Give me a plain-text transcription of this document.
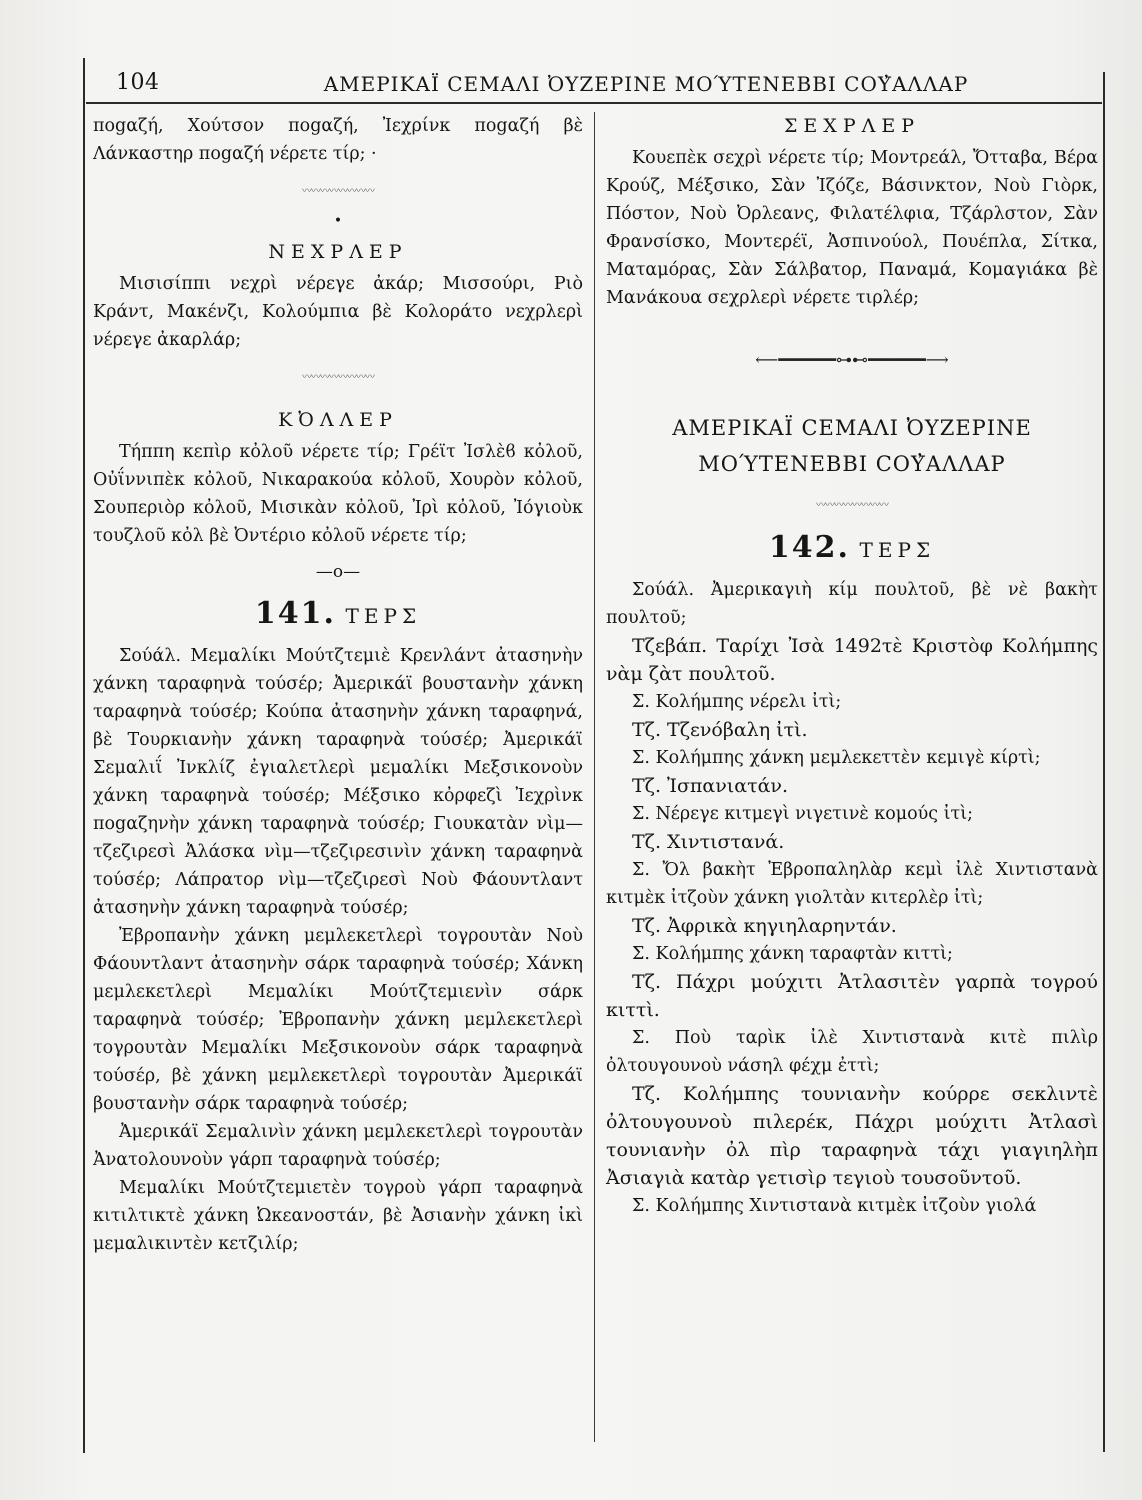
104	ΑΜΕΡΙΚΑΪ ϹΕΜΑΛΙ ὈΥΖΕΡΙΝΕ ΜΟΎΤΕΝΕΒΒΙ ϹΟΥ̓ΑΛΛΑΡ

ποgαζή, Χούτσον ποgαζή, Ἰεχρίνκ ποgαζή βὲ Λάνκαστηρ ποgαζή νέρετε τίρ; ·

〰〰〰〰〰〰〰〰
•
ΝΕΧΡΛΕΡ

Μισισίππι νεχρὶ νέρεγε ἀκάρ; Μισσούρι, Ριὸ Κράντ, Μακένζι, Κολούμπια βὲ Κολοράτο νεχρλερὶ νέρεγε ἀκαρλάρ;

〰〰〰〰〰〰〰〰
ΚὈΛΛΕΡ

Τήππη κεπὶρ κὀλοῦ νέρετε τίρ; Γρέϊτ Ἰσλὲϐ κὀλοῦ, Οὐΐννιπὲκ κὀλοῦ, Νικαρακούα κὀλοῦ, Χουρὸν κὀλοῦ, Σουπεριὸρ κὀλοῦ, Μισικὰν κὀλοῦ, Ἰρὶ κὀλοῦ, Ἰόγιοὺκ τουζλοῦ κὀλ βὲ Ὀντέριο κὀλοῦ νέρετε τίρ;

—ο—
141. ΤΕΡΣ

Σούάλ. Μεμαλίκι Μούτζτεμιὲ Κρενλάντ ἀτασηνὴν χάνκη ταραφηνὰ τούσέρ; Ἀμερικάϊ βουστανὴν χάνκη ταραφηνὰ τούσέρ; Κούπα ἀτασηνὴν χάνκη ταραφηνά, βὲ Τουρκιανὴν χάνκη ταραφηνὰ τούσέρ; Ἀμερικάϊ Σεμαλιΐ Ἰνκλίζ ἐγιαλετλερὶ μεμαλίκι Μεξσικονοὺν χάνκη ταραφηνὰ τούσέρ; Μέξσικο κὀρφεζὶ Ἰεχρὶνκ ποgαζηνὴν χάνκη ταραφηνὰ τούσέρ; Γιουκατὰν νὶμ—τζεζιρεσὶ Ἀλάσκα νὶμ—τζεζιρεσινὶν χάνκη ταραφηνὰ τούσέρ; Λάπρατορ νὶμ—τζεζιρεσὶ Νοὺ Φάουντλαντ ἀτασηνὴν χάνκη ταραφηνὰ τούσέρ;

Ἐβροπανὴν χάνκη μεμλεκετλερὶ τογρουτὰν Νοὺ Φάουντλαντ ἀτασηνὴν σάρκ ταραφηνὰ τούσέρ; Χάνκη μεμλεκετλερὶ Μεμαλίκι Μούτζτεμιενὶν σάρκ ταραφηνὰ τούσέρ; Ἐβροπανὴν χάνκη μεμλεκετλερὶ τογρουτὰν Μεμαλίκι Μεξσικονοὺν σάρκ ταραφηνὰ τούσέρ, βὲ χάνκη μεμλεκετλερὶ τογρουτὰν Ἀμερικάϊ βουστανὴν σάρκ ταραφηνὰ τούσέρ;

Ἀμερικάϊ Σεμαλινὶν χάνκη μεμλεκετλερὶ τογρουτὰν Ἀνατολουνοὺν γάρπ ταραφηνὰ τούσέρ;

Μεμαλίκι Μούτζτεμιετὲν τογροὺ γάρπ ταραφηνὰ κιτιλτικτὲ χάνκη Ὠκεανοστάν, βὲ Ἀσιανὴν χάνκη ἰκὶ μεμαλικιντὲν κετζιλίρ;

ΣΕΧΡΛΕΡ

Κουεπὲκ σεχρὶ νέρετε τίρ; Μοντρεάλ, Ὄτταβα, Βέρα Κρούζ, Μέξσικο, Σὰν Ἰζόζε, Βάσινκτον, Νοὺ Γιὸρκ, Πόστον, Νοὺ Ὀρλεανς, Φιλατέλφια, Τζάρλστον, Σὰν Φρανσίσκο, Μοντερέϊ, Ἀσπινούολ, Πουέπλα, Σίτκα, Ματαμόρας, Σὰν Σάλβατορ, Παναμά, Κομαγιάκα βὲ Μανάκουα σεχρλερὶ νέρετε τιρλέρ;

⟵━━━━━━⊶⊷━━━━━━⟶
ΑΜΕΡΙΚΑΪ ϹΕΜΑΛΙ ὈΥΖΕΡΙΝΕ
ΜΟΎΤΕΝΕΒΒΙ ϹΟΥ̓ΑΛΛΑΡ
〰〰〰〰〰〰〰〰
142. ΤΕΡΣ

Σούάλ. Ἀμερικαγιὴ κίμ πουλτοῦ, βὲ νὲ βακὴτ πουλτοῦ;

Τζεβάπ. Ταρίχι Ἰσὰ 1492τὲ Κριστὸφ Κολήμπης νὰμ ζὰτ πουλτοῦ.

Σ. Κολήμπης νέρελι ἰτὶ;

Τζ. Τζενόβαλη ἰτὶ.

Σ. Κολήμπης χάνκη μεμλεκεττὲν κεμιγὲ κίρτὶ;

Τζ. Ἰσπανιατάν.

Σ. Νέρεγε κιτμεγὶ νιγετινὲ κομούς ἰτὶ;

Τζ. Χιντιστανά.

Σ. Ὄλ βακὴτ Ἐβροπαληλὰρ κεμὶ ἰλὲ Χιντιστανὰ κιτμὲκ ἰτζοὺν χάνκη γιολτὰν κιτερλὲρ ἰτὶ;

Τζ. Ἀφρικὰ κηγιηλαρηντάν.

Σ. Κολήμπης χάνκη ταραφτὰν κιττὶ;

Τζ. Πάχρι μούχιτι Ἀτλασιτὲν γαρπὰ τογρού κιττὶ.

Σ. Ποὺ ταρὶκ ἰλὲ Χιντιστανὰ κιτὲ πιλὶρ ὀλτουγουνοὺ νάσηλ φέχμ ἐττὶ;

Τζ. Κολήμπης τουνιανὴν κούρρε σεκλιντὲ ὀλτουγουνοὺ πιλερέκ, Πάχρι μούχιτι Ἀτλασὶ τουνιανὴν ὀλ πὶρ ταραφηνὰ τάχι γιαγιηλὴπ Ἀσιαγιὰ κατὰρ γετισὶρ τεγιοὺ τουσοῦντοῦ.

Σ. Κολήμπης Χιντιστανὰ κιτμὲκ ἰτζοὺν γιολά
